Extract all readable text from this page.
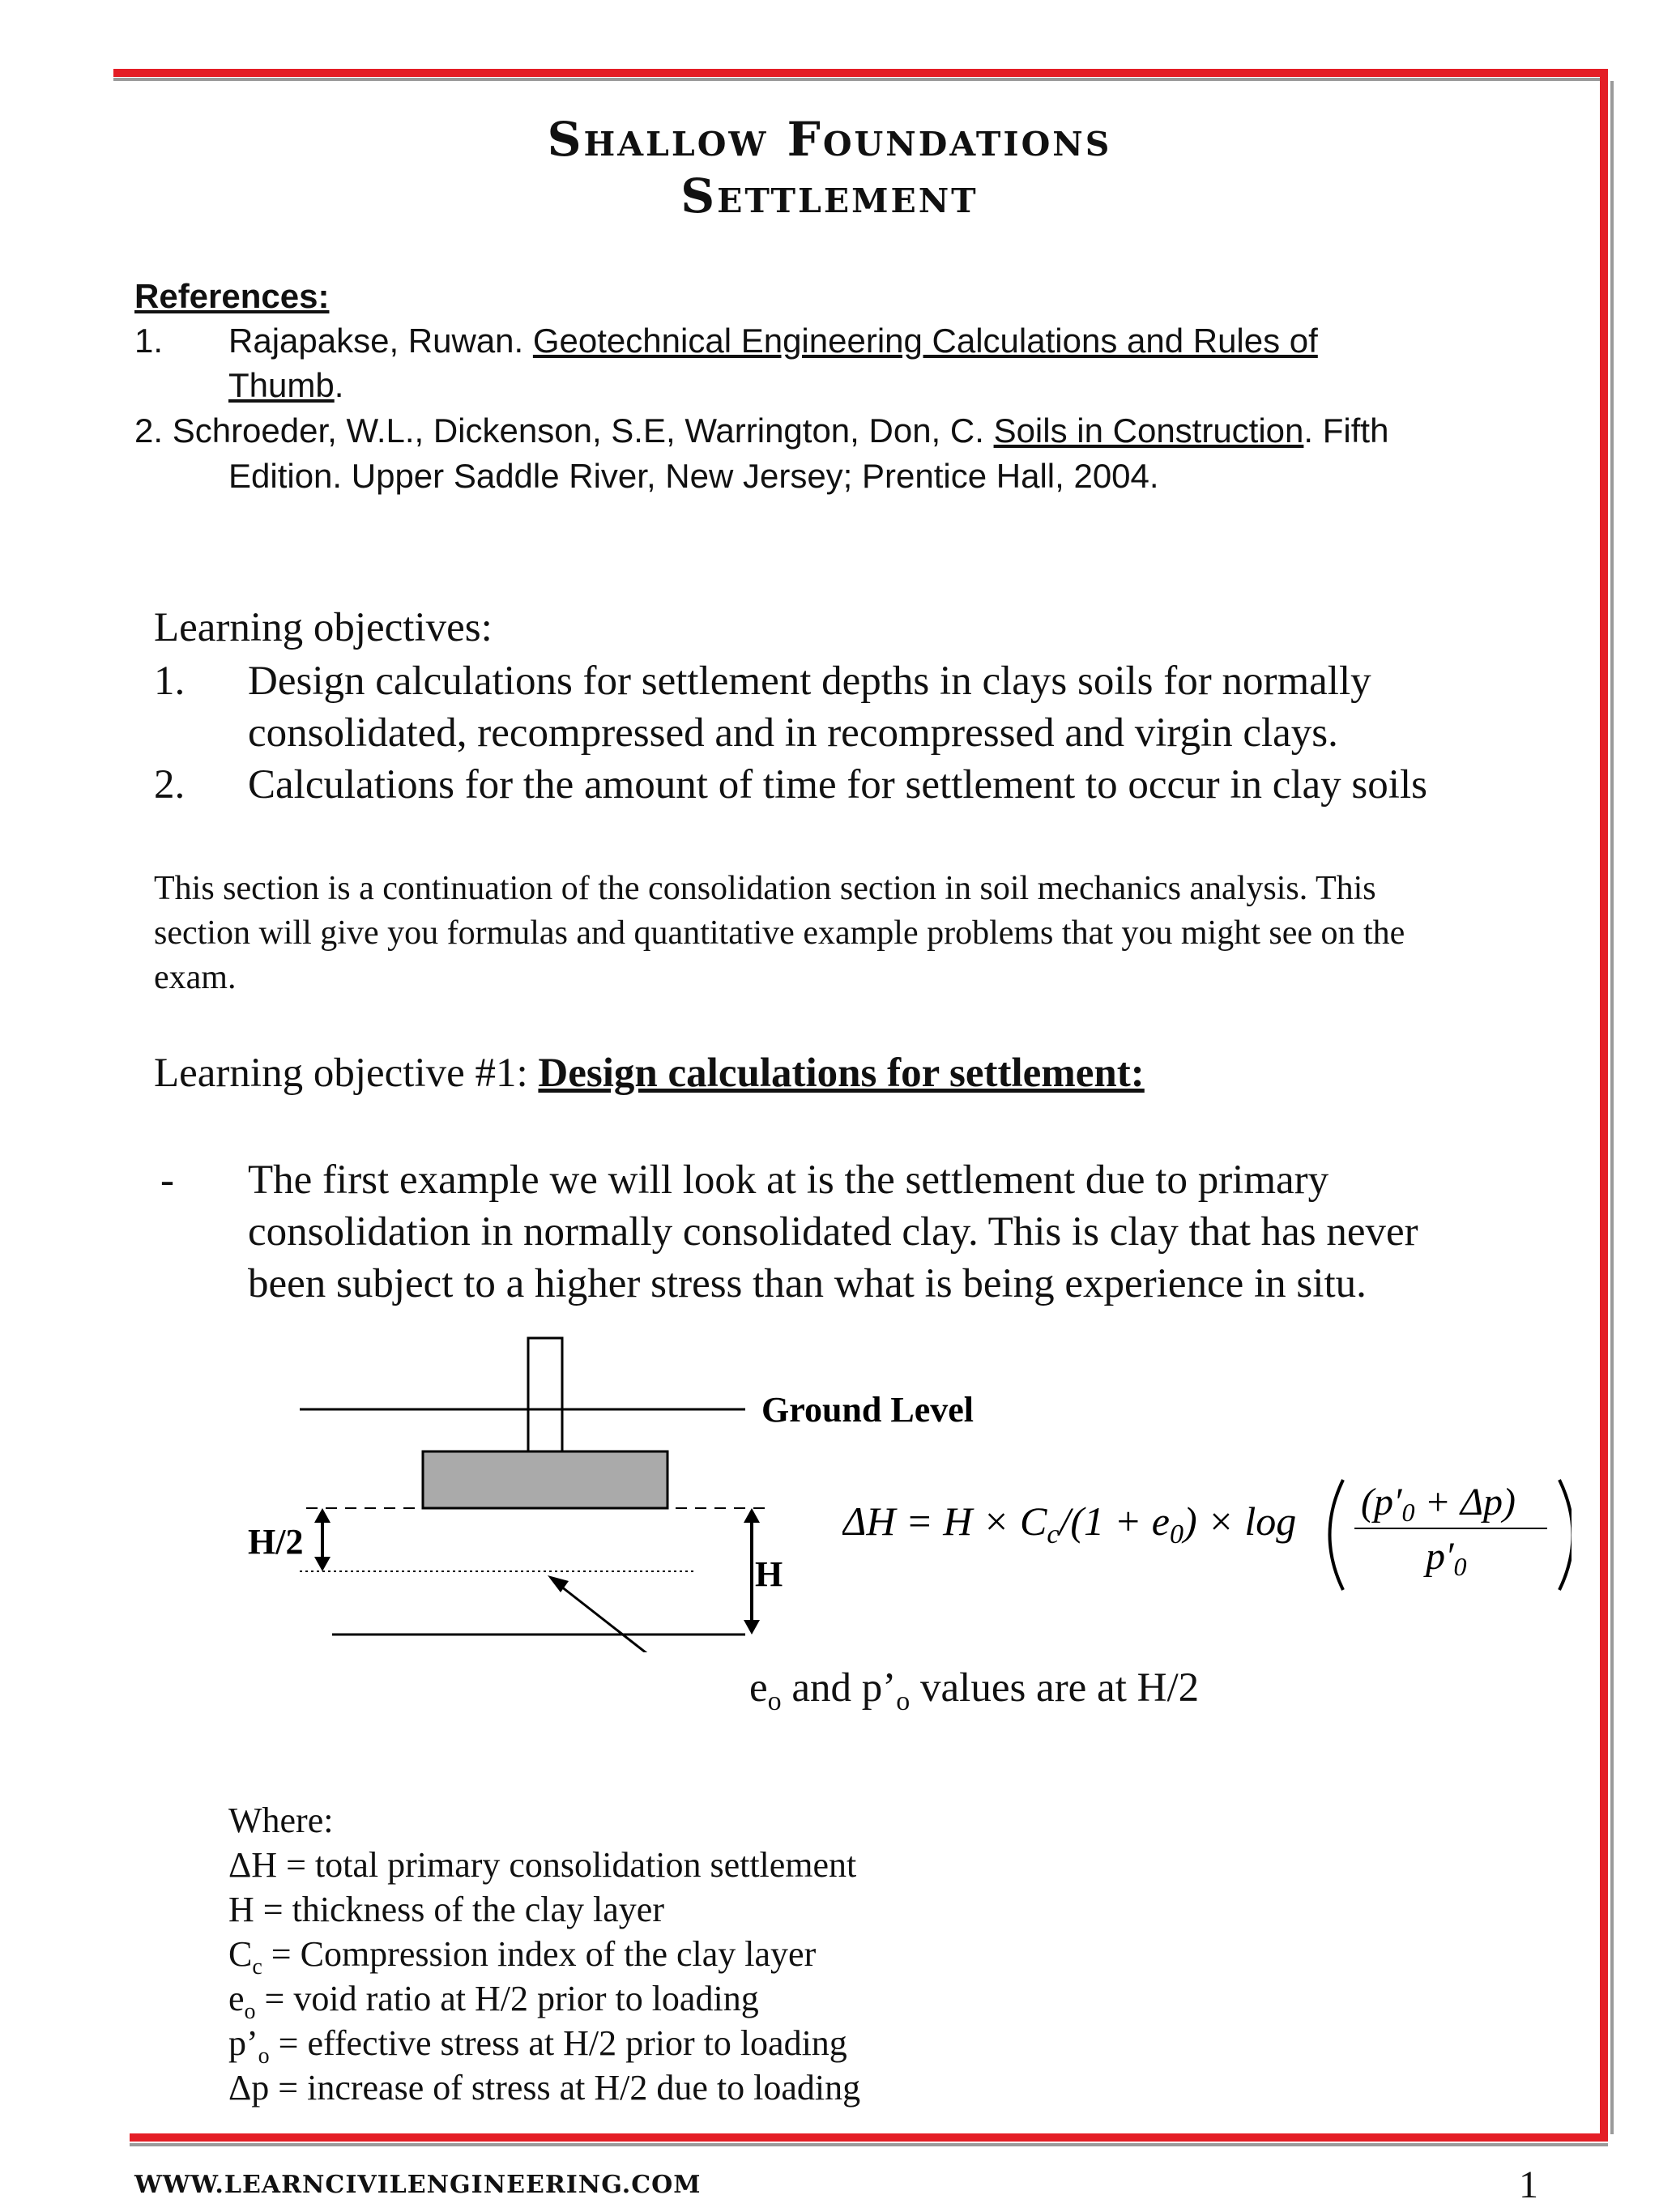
Shallow Foundations
Settlement
References:
1. Rajapakse, Ruwan. Geotechnical Engineering Calculations and Rules of
Thumb.
2. Schroeder, W.L., Dickenson, S.E, Warrington, Don, C. Soils in Construction. Fifth
Edition. Upper Saddle River, New Jersey; Prentice Hall, 2004.
Learning objectives:
1. Design calculations for settlement depths in clays soils for normally
consolidated, recompressed and in recompressed and virgin clays.
2. Calculations for the amount of time for settlement to occur in clay soils
This section is a continuation of the consolidation section in soil mechanics analysis. This
section will give you formulas and quantitative example problems that you might see on the
exam.
Learning objective #1: Design calculations for settlement:
- The first example we will look at is the settlement due to primary
consolidation in normally consolidated clay. This is clay that has never
been subject to a higher stress than what is being experience in situ.
Ground Level
H/2
H
$\Delta H = H \times C_c/(1 + e_0) \times \log (p'0 + \Delta p)$
p′0
$e_o$ and $p’_o$ values are at H/2
Where:
ΔH = total primary consolidation settlement
H = thickness of the clay layer
$C_c$ = Compression index of the clay layer
$e_o$ = void ratio at H/2 prior to loading
$p’_o$ = effective stress at H/2 prior to loading
Δp = increase of stress at H/2 due to loading
WWW.LEARNCIVILENGINEERING.COM	1
